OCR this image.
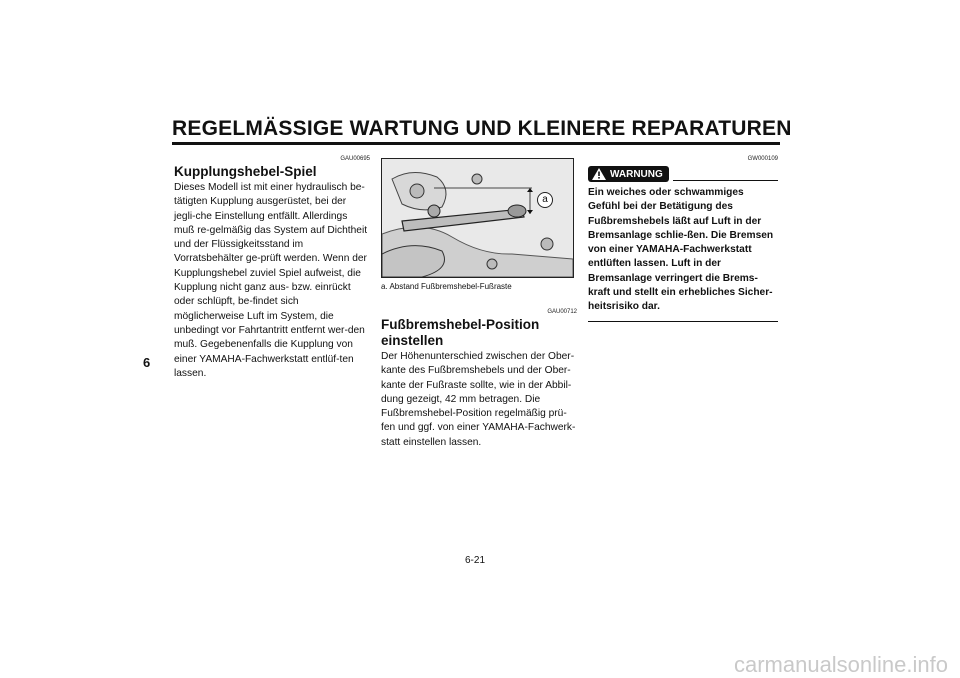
REGELMÄSSIGE WARTUNG UND KLEINERE REPARATUREN
6
GAU00695
Kupplungshebel-Spiel
Dieses Modell ist mit einer hydraulisch be-tätigten Kupplung ausgerüstet, bei der jegli-che Einstellung entfällt. Allerdings muß re-gelmäßig das System auf Dichtheit und der Flüssigkeitsstand im Vorratsbehälter ge-prüft werden. Wenn der Kupplungshebel zuviel Spiel aufweist, die Kupplung nicht ganz aus- bzw. einrückt oder schlüpft, be-findet sich möglicherweise Luft im System, die unbedingt vor Fahrtantritt entfernt wer-den muß. Gegebenenfalls die Kupplung von einer YAMAHA-Fachwerkstatt entlüf-ten lassen.
a
a. Abstand Fußbremshebel-Fußraste
GAU00712
Fußbremshebel-Position einstellen
Der Höhenunterschied zwischen der Ober-kante des Fußbremshebels und der Ober-kante der Fußraste sollte, wie in der Abbil-dung gezeigt, 42 mm betragen. Die Fußbremshebel-Position regelmäßig prü-fen und ggf. von einer YAMAHA-Fachwerk-statt einstellen lassen.
GW000109
WARNUNG
Ein weiches oder schwammiges Gefühl bei der Betätigung des Fußbremshebels läßt auf Luft in der Bremsanlage schlie-ßen. Die Bremsen von einer YAMAHA-Fachwerkstatt entlüften lassen. Luft in der Bremsanlage verringert die Brems-kraft und stellt ein erhebliches Sicher-heitsrisiko dar.
6-21
carmanualsonline.info
